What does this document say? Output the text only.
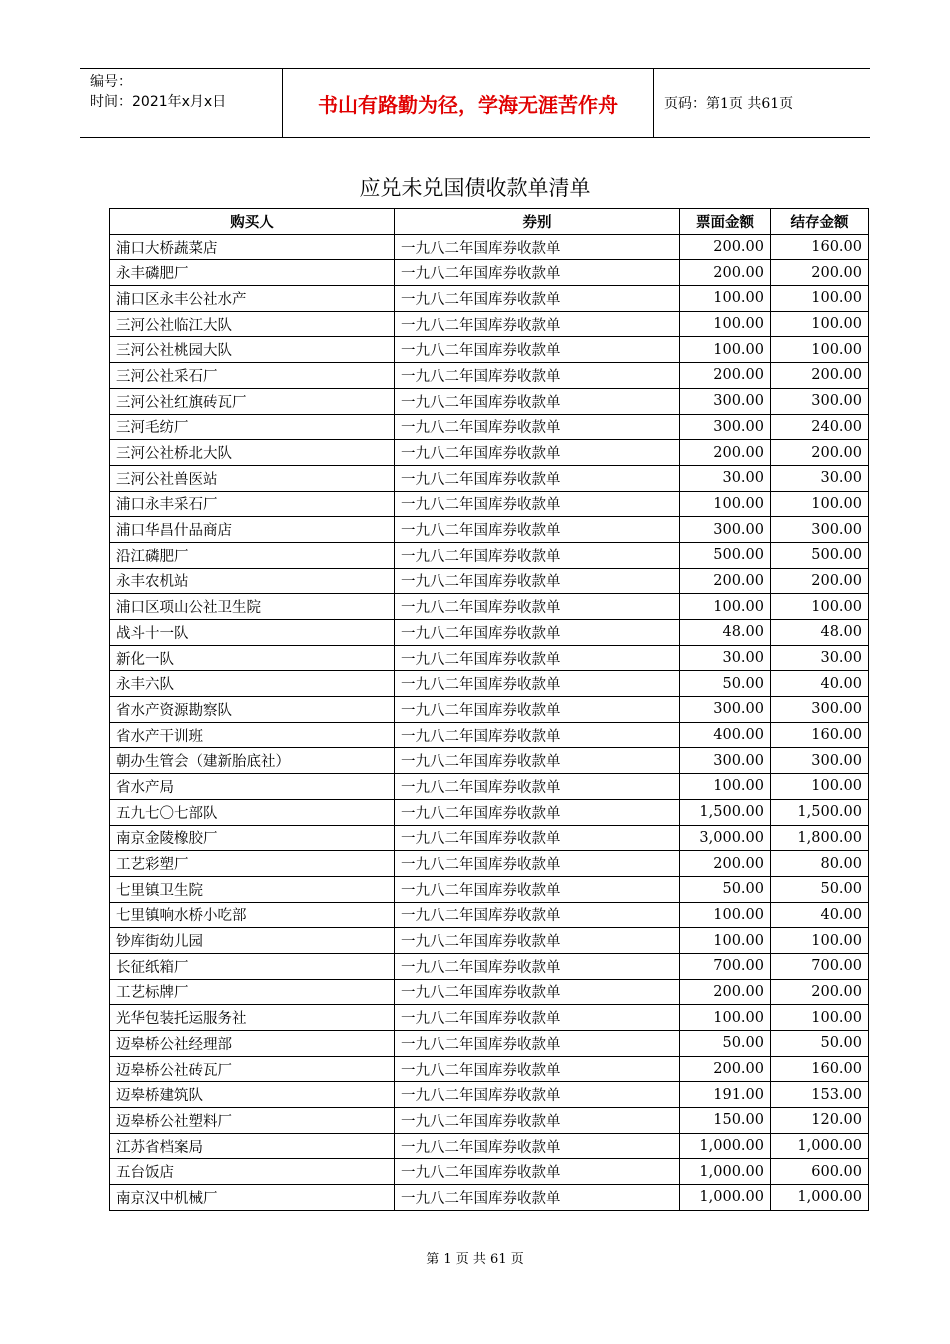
编号：
时间：2021年x月x日	书山有路勤为径，学海无涯苦作舟	页码：第1页 共61页
应兑未兑国债收款单清单
购买人	券别	票面金额	结存金额
浦口大桥蔬菜店	一九八二年国库券收款单	200.00	160.00
永丰磷肥厂	一九八二年国库券收款单	200.00	200.00
浦口区永丰公社水产	一九八二年国库券收款单	100.00	100.00
三河公社临江大队	一九八二年国库券收款单	100.00	100.00
三河公社桃园大队	一九八二年国库券收款单	100.00	100.00
三河公社采石厂	一九八二年国库券收款单	200.00	200.00
三河公社红旗砖瓦厂	一九八二年国库券收款单	300.00	300.00
三河毛纺厂	一九八二年国库券收款单	300.00	240.00
三河公社桥北大队	一九八二年国库券收款单	200.00	200.00
三河公社兽医站	一九八二年国库券收款单	30.00	30.00
浦口永丰采石厂	一九八二年国库券收款单	100.00	100.00
浦口华昌什品商店	一九八二年国库券收款单	300.00	300.00
沿江磷肥厂	一九八二年国库券收款单	500.00	500.00
永丰农机站	一九八二年国库券收款单	200.00	200.00
浦口区项山公社卫生院	一九八二年国库券收款单	100.00	100.00
战斗十一队	一九八二年国库券收款单	48.00	48.00
新化一队	一九八二年国库券收款单	30.00	30.00
永丰六队	一九八二年国库券收款单	50.00	40.00
省水产资源勘察队	一九八二年国库券收款单	300.00	300.00
省水产干训班	一九八二年国库券收款单	400.00	160.00
朝办生管会（建新胎底社）	一九八二年国库券收款单	300.00	300.00
省水产局	一九八二年国库券收款单	100.00	100.00
五九七〇七部队	一九八二年国库券收款单	1,500.00	1,500.00
南京金陵橡胶厂	一九八二年国库券收款单	3,000.00	1,800.00
工艺彩塑厂	一九八二年国库券收款单	200.00	80.00
七里镇卫生院	一九八二年国库券收款单	50.00	50.00
七里镇响水桥小吃部	一九八二年国库券收款单	100.00	40.00
钞库街幼儿园	一九八二年国库券收款单	100.00	100.00
长征纸箱厂	一九八二年国库券收款单	700.00	700.00
工艺标牌厂	一九八二年国库券收款单	200.00	200.00
光华包装托运服务社	一九八二年国库券收款单	100.00	100.00
迈皋桥公社经理部	一九八二年国库券收款单	50.00	50.00
迈皋桥公社砖瓦厂	一九八二年国库券收款单	200.00	160.00
迈皋桥建筑队	一九八二年国库券收款单	191.00	153.00
迈皋桥公社塑料厂	一九八二年国库券收款单	150.00	120.00
江苏省档案局	一九八二年国库券收款单	1,000.00	1,000.00
五台饭店	一九八二年国库券收款单	1,000.00	600.00
南京汉中机械厂	一九八二年国库券收款单	1,000.00	1,000.00
第 1 页 共 61 页
